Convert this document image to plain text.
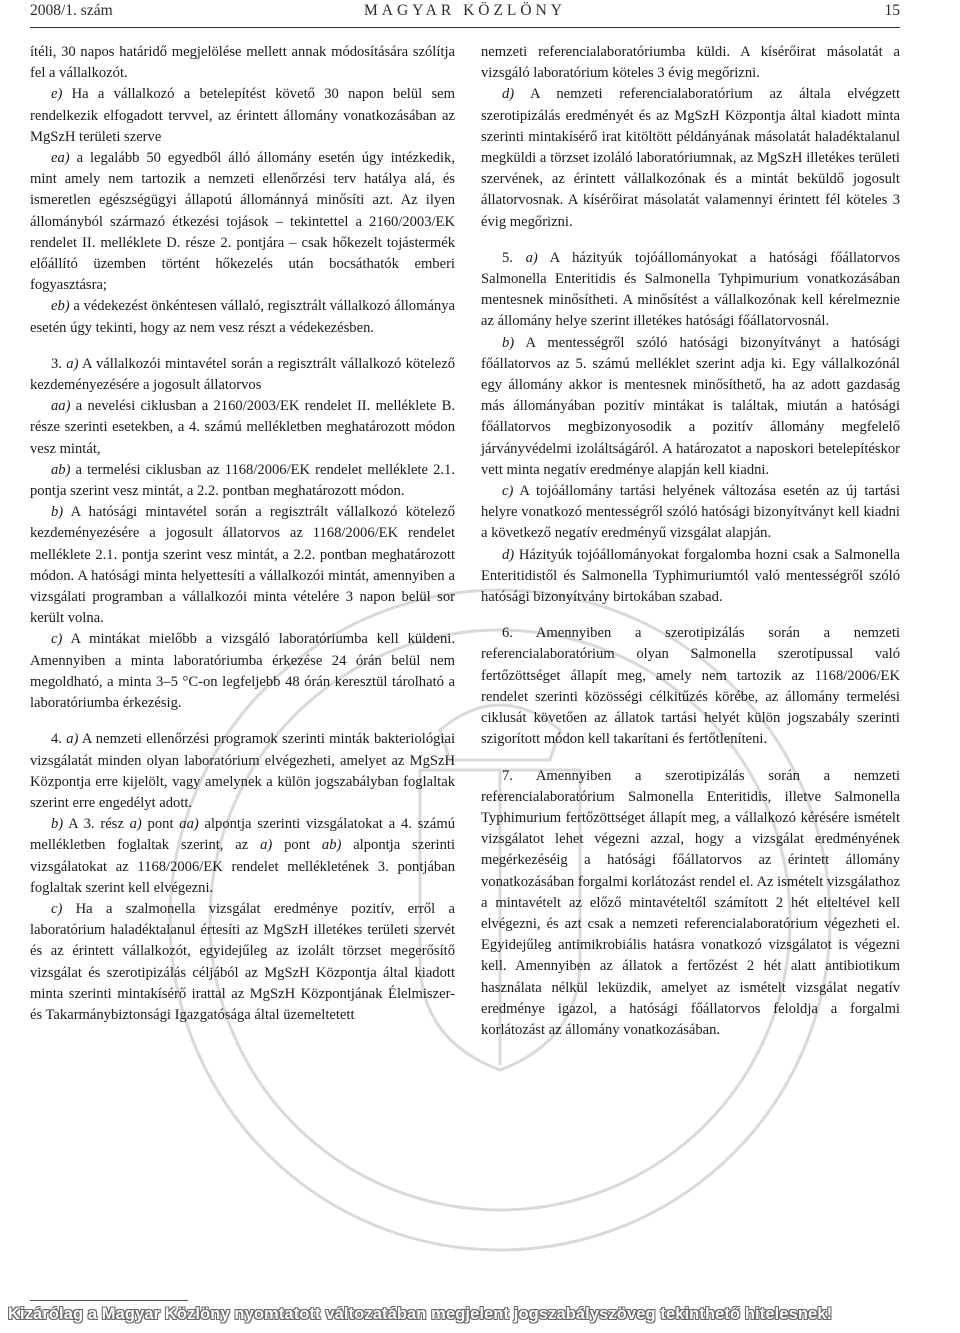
2008/1. szám	MAGYAR KÖZLÖNY	15

ítéli, 30 napos határidő megjelölése mellett annak módosítására szólítja fel a vállalkozót.

e) Ha a vállalkozó a betelepítést követő 30 napon belül sem rendelkezik elfogadott tervvel, az érintett állomány vonatkozásában az MgSzH területi szerve

ea) a legalább 50 egyedből álló állomány esetén úgy intézkedik, mint amely nem tartozik a nemzeti ellenőrzési terv hatálya alá, és ismeretlen egészségügyi állapotú állománnyá minősíti azt. Az ilyen állományból származó étkezési tojások – tekintettel a 2160/2003/EK rendelet II. melléklete D. része 2. pontjára – csak hőkezelt tojástermék előállító üzemben történt hőkezelés után bocsáthatók emberi fogyasztásra;

eb) a védekezést önkéntesen vállaló, regisztrált vállalkozó állománya esetén úgy tekinti, hogy az nem vesz részt a védekezésben.

3. a) A vállalkozói mintavétel során a regisztrált vállalkozó kötelező kezdeményezésére a jogosult állatorvos

aa) a nevelési ciklusban a 2160/2003/EK rendelet II. melléklete B. része szerinti esetekben, a 4. számú mellékletben meghatározott módon vesz mintát,

ab) a termelési ciklusban az 1168/2006/EK rendelet melléklete 2.1. pontja szerint vesz mintát, a 2.2. pontban meghatározott módon.

b) A hatósági mintavétel során a regisztrált vállalkozó kötelező kezdeményezésére a jogosult állatorvos az 1168/2006/EK rendelet melléklete 2.1. pontja szerint vesz mintát, a 2.2. pontban meghatározott módon. A hatósági minta helyettesíti a vállalkozói mintát, amennyiben a vizsgálati programban a vállalkozói minta vételére 3 napon belül sor került volna.

c) A mintákat mielőbb a vizsgáló laboratóriumba kell küldeni. Amennyiben a minta laboratóriumba érkezése 24 órán belül nem megoldható, a minta 3–5 °C-on legfeljebb 48 órán keresztül tárolható a laboratóriumba érkezésig.

4. a) A nemzeti ellenőrzési programok szerinti minták bakteriológiai vizsgálatát minden olyan laboratórium elvégezheti, amelyet az MgSzH Központja erre kijelölt, vagy amelynek a külön jogszabályban foglaltak szerint erre engedélyt adott.

b) A 3. rész a) pont aa) alpontja szerinti vizsgálatokat a 4. számú mellékletben foglaltak szerint, az a) pont ab) alpontja szerinti vizsgálatokat az 1168/2006/EK rendelet mellékletének 3. pontjában foglaltak szerint kell elvégezni.

c) Ha a szalmonella vizsgálat eredménye pozitív, erről a laboratórium haladéktalanul értesíti az MgSzH illetékes területi szervét és az érintett vállalkozót, egyidejűleg az izolált törzset megerősítő vizsgálat és szerotipizálás céljából az MgSzH Központja által kiadott minta szerinti mintakísérő irattal az MgSzH Központjának Élelmiszer- és Takarmánybiztonsági Igazgatósága által üzemeltetett

nemzeti referencialaboratóriumba küldi. A kísérőirat másolatát a vizsgáló laboratórium köteles 3 évig megőrizni.

d) A nemzeti referencialaboratórium az általa elvégzett szerotipizálás eredményét és az MgSzH Központja által kiadott minta szerinti mintakísérő irat kitöltött példányának másolatát haladéktalanul megküldi a törzset izoláló laboratóriumnak, az MgSzH illetékes területi szervének, az érintett vállalkozónak és a mintát beküldő jogosult állatorvosnak. A kísérőirat másolatát valamennyi érintett fél köteles 3 évig megőrizni.

5. a) A házityúk tojóállományokat a hatósági főállatorvos Salmonella Enteritidis és Salmonella Tyhpimurium vonatkozásában mentesnek minősítheti. A minősítést a vállalkozónak kell kérelmeznie az állomány helye szerint illetékes hatósági főállatorvosnál.

b) A mentességről szóló hatósági bizonyítványt a hatósági főállatorvos az 5. számú melléklet szerint adja ki. Egy vállalkozónál egy állomány akkor is mentesnek minősíthető, ha az adott gazdaság más állományában pozitív mintákat is találtak, miután a hatósági főállatorvos megbizonyosodik a pozitív állomány megfelelő járványvédelmi izoláltságáról. A határozatot a naposkori betelepítéskor vett minta negatív eredménye alapján kell kiadni.

c) A tojóállomány tartási helyének változása esetén az új tartási helyre vonatkozó mentességről szóló hatósági bizonyítványt kell kiadni a következő negatív eredményű vizsgálat alapján.

d) Házityúk tojóállományokat forgalomba hozni csak a Salmonella Enteritidistől és Salmonella Typhimuriumtól való mentességről szóló hatósági bizonyítvány birtokában szabad.

6. Amennyiben a szerotipizálás során a nemzeti referencialaboratórium olyan Salmonella szerotípussal való fertőzöttséget állapít meg, amely nem tartozik az 1168/2006/EK rendelet szerinti közösségi célkitűzés körébe, az állomány termelési ciklusát követően az állatok tartási helyét külön jogszabály szerinti szigorított módon kell takarítani és fertőtleníteni.

7. Amennyiben a szerotipizálás során a nemzeti referencialaboratórium Salmonella Enteritidis, illetve Salmonella Typhimurium fertőzöttséget állapít meg, a vállalkozó kérésére ismételt vizsgálatot lehet végezni azzal, hogy a vizsgálat eredményének megérkezéséig a hatósági főállatorvos az érintett állomány vonatkozásában forgalmi korlátozást rendel el. Az ismételt vizsgálathoz a mintavételt az előző mintavételtől számított 2 hét elteltével kell elvégezni, és azt csak a nemzeti referencialaboratórium végezheti el. Egyidejűleg antimikrobiális hatásra vonatkozó vizsgálatot is végezni kell. Amennyiben az állatok a fertőzést 2 hét alatt antibiotikum használata nélkül leküzdik, amelyet az ismételt vizsgálat negatív eredménye igazol, a hatósági főállatorvos feloldja a forgalmi korlátozást az állomány vonatkozásában.

Kizárólag a Magyar Közlöny nyomtatott változatában megjelent jogszabályszöveg tekinthető hitelesnek!
